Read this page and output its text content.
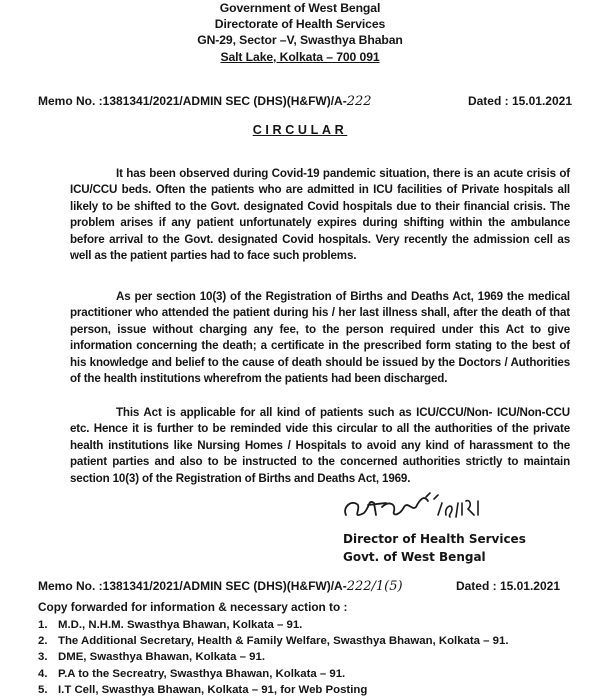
Government of West Bengal
Directorate of Health Services
GN-29, Sector –V, Swasthya Bhaban
Salt Lake, Kolkata – 700 091
Memo No. :1381341/2021/ADMIN SEC (DHS)(H&FW)/A-222	Dated : 15.01.2021
CIRCULAR
It has been observed during Covid-19 pandemic situation, there is an acute crisis of ICU/CCU beds. Often the patients who are admitted in ICU facilities of Private hospitals all likely to be shifted to the Govt. designated Covid hospitals due to their financial crisis. The problem arises if any patient unfortunately expires during shifting within the ambulance before arrival to the Govt. designated Covid hospitals. Very recently the admission cell as well as the patient parties had to face such problems.
As per section 10(3) of the Registration of Births and Deaths Act, 1969 the medical practitioner who attended the patient during his / her last illness shall, after the death of that person, issue without charging any fee, to the person required under this Act to give information concerning the death; a certificate in the prescribed form stating to the best of his knowledge and belief to the cause of death should be issued by the Doctors / Authorities of the health institutions wherefrom the patients had been discharged.
This Act is applicable for all kind of patients such as ICU/CCU/Non- ICU/Non-CCU etc. Hence it is further to be reminded vide this circular to all the authorities of the private health institutions like Nursing Homes / Hospitals to avoid any kind of harassment to the patient parties and also to be instructed to the concerned authorities strictly to maintain section 10(3) of the Registration of Births and Deaths Act, 1969.
Director of Health Services
Govt. of West Bengal
Memo No. :1381341/2021/ADMIN SEC (DHS)(H&FW)/A-222/1(5)	Dated : 15.01.2021
Copy forwarded for information & necessary action to :
1. M.D., N.H.M. Swasthya Bhawan, Kolkata – 91.
2. The Additional Secretary, Health & Family Welfare, Swasthya Bhawan, Kolkata – 91.
3. DME, Swasthya Bhawan, Kolkata – 91.
4. P.A to the Secreatry, Swasthya Bhawan, Kolkata – 91.
5. I.T Cell, Swasthya Bhawan, Kolkata – 91, for Web Posting
